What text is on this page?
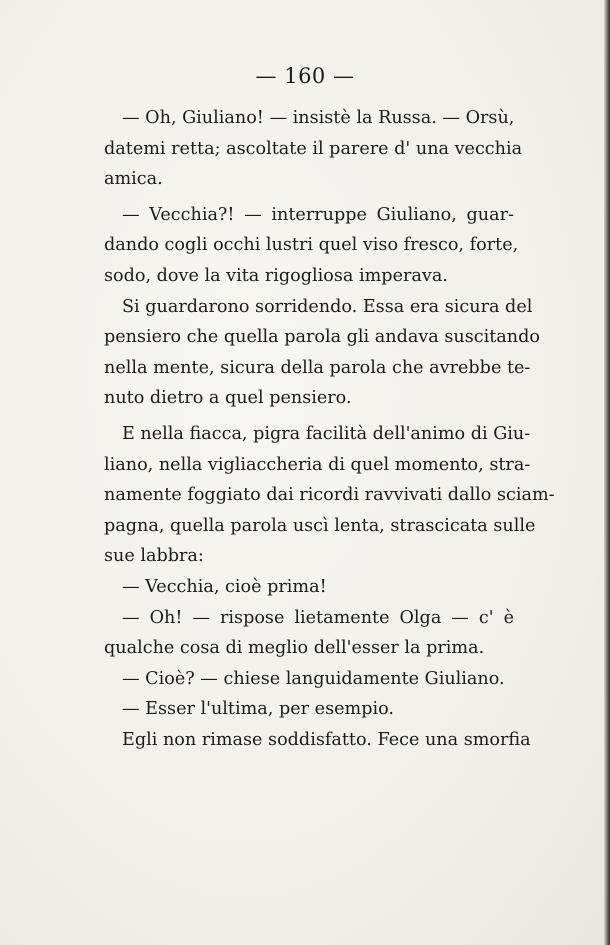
— 160 —
— Oh, Giuliano! — insistè la Russa. — Orsù,
datemi retta; ascoltate il parere d' una vecchia
amica.
— Vecchia?! — interruppe Giuliano, guar-
dando cogli occhi lustri quel viso fresco, forte,
sodo, dove la vita rigogliosa imperava.
Si guardarono sorridendo. Essa era sicura del
pensiero che quella parola gli andava suscitando
nella mente, sicura della parola che avrebbe te-
nuto dietro a quel pensiero.
E nella fiacca, pigra facilità dell'animo di Giu-
liano, nella vigliaccheria di quel momento, stra-
namente foggiato dai ricordi ravvivati dallo sciam-
pagna, quella parola uscì lenta, strascicata sulle
sue labbra:
— Vecchia, cioè prima!
— Oh! — rispose lietamente Olga — c' è
qualche cosa di meglio dell'esser la prima.
— Cioè? — chiese languidamente Giuliano.
— Esser l'ultima, per esempio.
Egli non rimase soddisfatto. Fece una smorfia
